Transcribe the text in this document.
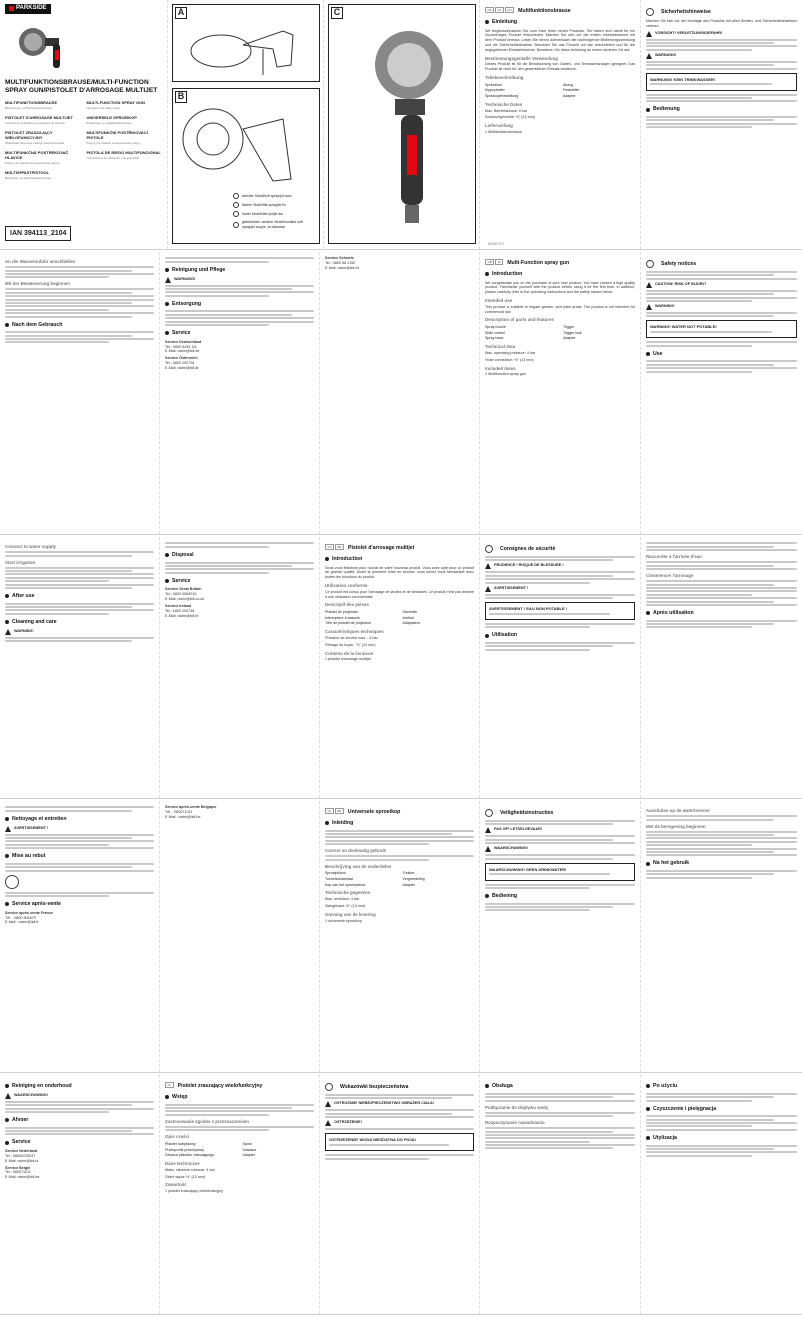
PARKSIDE
MULTIFUNKTIONSBRAUSE/MULTI-FUNCTION SPRAY GUN/PISTOLET D'ARROSAGE MULTIJET
MULTIFUNKTIONSBRAUSE
Bedienungs- und Sicherheitshinweise
MULTI-FUNCTION SPRAY GUN
Operation and safety notes
PISTOLET D'ARROSAGE MULTIJET
Instructions d'utilisation et consignes de sécurité
UNIVERSELE SPROEIKOP
Bedienings- en veiligheidsinstructies
PISTOLET ZRASZAJĄCY WIELOFUNKCYJNY
Wskazówki dotyczące obsługi i bezpieczeństwa
MULTIFUNKČNÍ POSTŘIKOVACÍ PISTOLE
Pokyny pro obsluhu a bezpečnostní pokyny
MULTIFUNKČNÁ POSTREKOVAČ HLAVICE
Pokyny pre obsluhu a bezpečnostné pokyny
PISTOLA DE RIEGO MULTIFUNCIONAL
Instrucciones de utilización y de seguridad
MULTISPRUITPISTOOL
Betjenings- og sikkerhedsanvisninger
IAN 394113_2104
A
B
weicher Strahl/soft spray/jet doux
flacher Strahl/flat spray/jet fin
harter Strahl/hard jet/jet dur
gebündelter, weicher Strahl/bundled soft spray/jet souple, en faisceau
C	DE AT CH	Multifunktionsbrause
Einleitung
Wir beglückwünschen Sie zum Kauf Ihres neuen Produkts. Sie haben sich damit für ein hochwertiges Produkt entschieden. Machen Sie sich vor der ersten Inbetriebnahme mit dem Produkt vertraut. Lesen Sie hierzu aufmerksam die nachfolgende Bedienungsanleitung und die Sicherheitshinweise. Benutzen Sie das Produkt nur wie beschrieben und für die angegebenen Einsatzbereiche. Bewahren Sie diese Anleitung an einem sicheren Ort auf.
Bestimmungsgemäße Verwendung
Dieses Produkt ist für die Bewässerung von Garten- und Terrassenanlagen geeignet. Das Produkt ist nicht für den gewerblichen Einsatz bestimmt.
Teilebeschreibung
Spritzdüse	Abzug
Kippschalter	Feststeller
Spritzkopfeinstellung	Adapter
Technische Daten
Max. Betriebsdruck: 4 bar
Schlauchgewinde: ½" (13 mm)
Lieferumfang
1 Multifunktionsbrause
DE/AT/CH
Sicherheitshinweise
Machen Sie sich vor der Montage des Produkts mit allen Bedien- und Sicherheitshinweisen vertraut.
VORSICHT! VERLETZUNGSGEFAHR!
WARNUNG!
WARNUNG! KEIN TRINKWASSER!
Bedienung
An die Wasserzufuhr anschließen
Mit der Bewässerung beginnen
Nach dem Gebrauch
Reinigung und Pflege
WARNUNG!
Entsorgung
Service
Service Deutschland
Tel.: 0800 5435 111
E-Mail: owim@lidl.de
Service Österreich
Tel.: 0800 292726
E-Mail: owim@lidl.at
Service Schweiz
Tel.: 0800 56 2152
E-Mail: owim@lidl.ch
GB IE	Multi-Function spray gun
Introduction
We congratulate you on the purchase of your new product. You have chosen a high quality product. Familiarise yourself with the product before using it for the first time. In addition, please carefully refer to the operating instructions and the safety advice below.
Intended use
This product is suitable to irrigate garden- and patio areas. The product is not intended for commercial use.
Description of parts and features
Spray nozzle	Trigger
Slide control	Trigger lock
Spray head	Adapter
Technical data
Max. operating pressure: 4 bar
Hose connection: ½" (13 mm)
Included items
1 Multifunction spray gun
Safety notices
CAUTION! RISK OF INJURY!
WARNING!
WARNING! WATER NOT POTABLE!
Use
Connect to water supply
Start irrigation
After use
Cleaning and care
WARNING!
Disposal
Service
Service Great Britain
Tel.: 0800 0569216
E-Mail: owim@lidl.co.uk
Service Ireland
Tel.: 1800 200736
E-Mail: owim@lidl.ie
FR BE	Pistolet d'arrosage multijet
Introduction
Nous vous félicitons pour l'achat de votre nouveau produit. Vous avez opté pour un produit de grande qualité. Avant la première mise en service, vous devez vous familiariser avec toutes les fonctions du produit.
Utilisation conforme
Ce produit est conçu pour l'arrosage de jardins et de terrasses. Le produit n'est pas destiné à une utilisation commerciale.
Descriptif des pièces
Pistolet de projection	Gâchette
Interrupteur à bascule	Arrêtoir
Tête de pistolet de projection	Adaptateur
Caractéristiques techniques
Pression de service max. : 4 bar
Filetage du tuyau : ½" (13 mm)
Contenu de la livraison
1 pistolet d'arrosage multijet
Consignes de sécurité
PRUDENCE ! RISQUE DE BLESSURE !
AVERTISSEMENT !
AVERTISSEMENT ! EAU NON POTABLE !
Utilisation
Raccorder à l'arrivée d'eau
Commencer l'arrosage
Après utilisation
Nettoyage et entretien
AVERTISSEMENT !
Mise au rebut
Service après-vente
Service après-vente France
Tél. : 0800 904879
E-Mail : owim@lidl.fr
Service après-vente Belgique
Tél. : 080071011
E-Mail : owim@lidl.be
NL BE	Universele sproeikop
Inleiding
Correct en doelmatig gebruik
Beschrijving van de onderdelen
Sproeipistool	Trekker
Tuimelschakelaar	Vergrendeling
Kop van het sproeipistool	Adapter
Technische gegevens
Max. werkdruk: 4 bar
Slangdraad: ½" (13 mm)
Omvang van de levering
1 universele sproeikop
Veiligheidsinstructies
PAS OP! LETSELGEVAAR!
WAARSCHUWING!
WAARSCHUWING! GEEN DRINKWATER!
Bediening
Aansluiten op de watertoevoer
Met de beregening beginnen
Na het gebruik
Reiniging en onderhoud
WAARSCHUWING!
Afvoer
Service
Service Nederland
Tel.: 08000225537
E-Mail: owim@lidl.nl
Service Belgiё
Tel.: 080071011
E-Mail: owim@lidl.be
PL	Pistolet zraszający wielofunkcyjny
Wstęp
Zastosowanie zgodne z przeznaczeniem
Opis części
Pistolet natryskowy	Spust
Przełącznik przechyłowy	Ustalacz
Głowica pistoletu zraszającego	Adapter
Dane techniczne
Maks. ciśnienie robocze: 4 bar
Gwint węża: ½" (13 mm)
Zawartość
1 pistolet zraszający wielofunkcyjny
Wskazówki bezpieczeństwa
OSTROŻNIE! NIEBEZPIECZEŃSTWO OBRAŻEŃ CIAŁA!
OSTRZEŻENIE!
OSTRZEŻENIE! WODA NIEZDATNA DO PICIA!
Obsługa
Podłączanie do dopływu wody
Rozpoczynanie nawadniania
Po użyciu
Czyszczenie i pielęgnacja
Utylizacja
